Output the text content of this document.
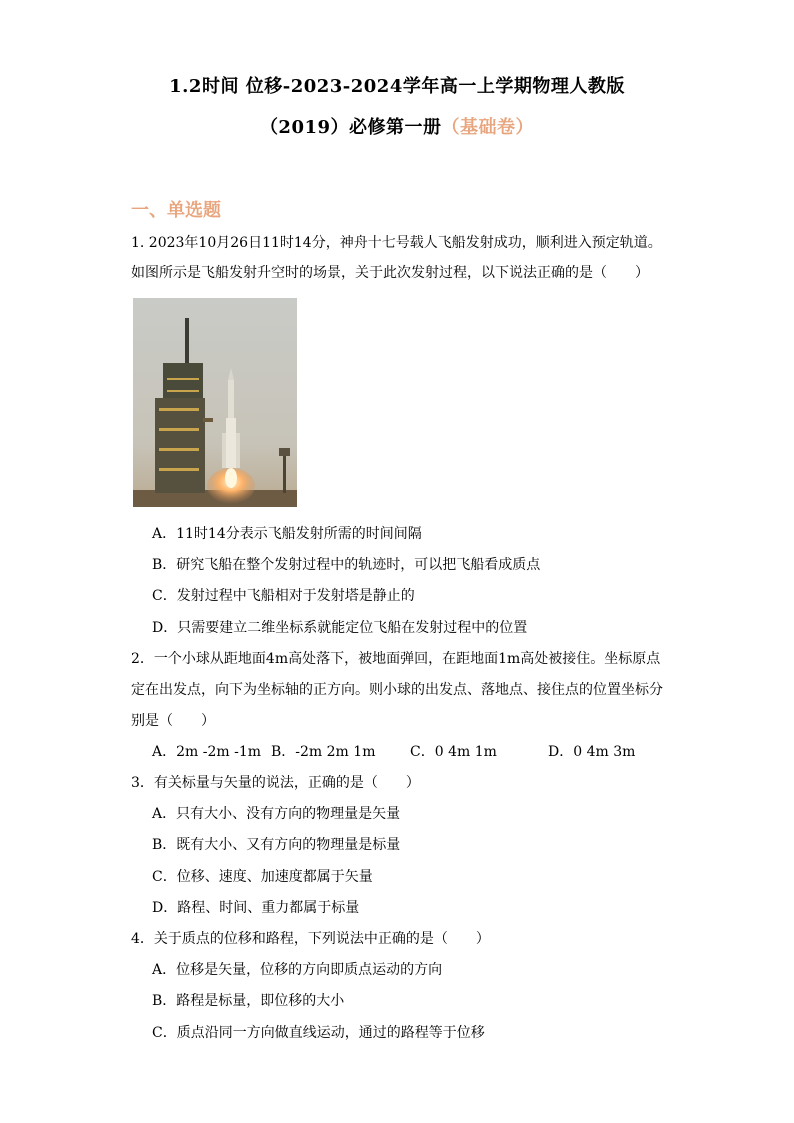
1.2时间 位移-2023-2024学年高一上学期物理人教版
（2019）必修第一册（基础卷）
一、单选题
1. 2023年10月26日11时14分，神舟十七号载人飞船发射成功，顺利进入预定轨道。
如图所示是飞船发射升空时的场景，关于此次发射过程，以下说法正确的是（　　）
A．11时14分表示飞船发射所需的时间间隔
B．研究飞船在整个发射过程中的轨迹时，可以把飞船看成质点
C．发射过程中飞船相对于发射塔是静止的
D．只需要建立二维坐标系就能定位飞船在发射过程中的位置
2．一个小球从距地面4m高处落下，被地面弹回，在距地面1m高处被接住。坐标原点
定在出发点，向下为坐标轴的正方向。则小球的出发点、落地点、接住点的位置坐标分
别是（　　）
A．2m -2m -1m B．-2m 2m 1m C．0 4m 1m	D．0 4m 3m
3．有关标量与矢量的说法，正确的是（　　）
A．只有大小、没有方向的物理量是矢量
B．既有大小、又有方向的物理量是标量
C．位移、速度、加速度都属于矢量
D．路程、时间、重力都属于标量
4．关于质点的位移和路程，下列说法中正确的是（　　）
A．位移是矢量，位移的方向即质点运动的方向
B．路程是标量，即位移的大小
C．质点沿同一方向做直线运动，通过的路程等于位移
